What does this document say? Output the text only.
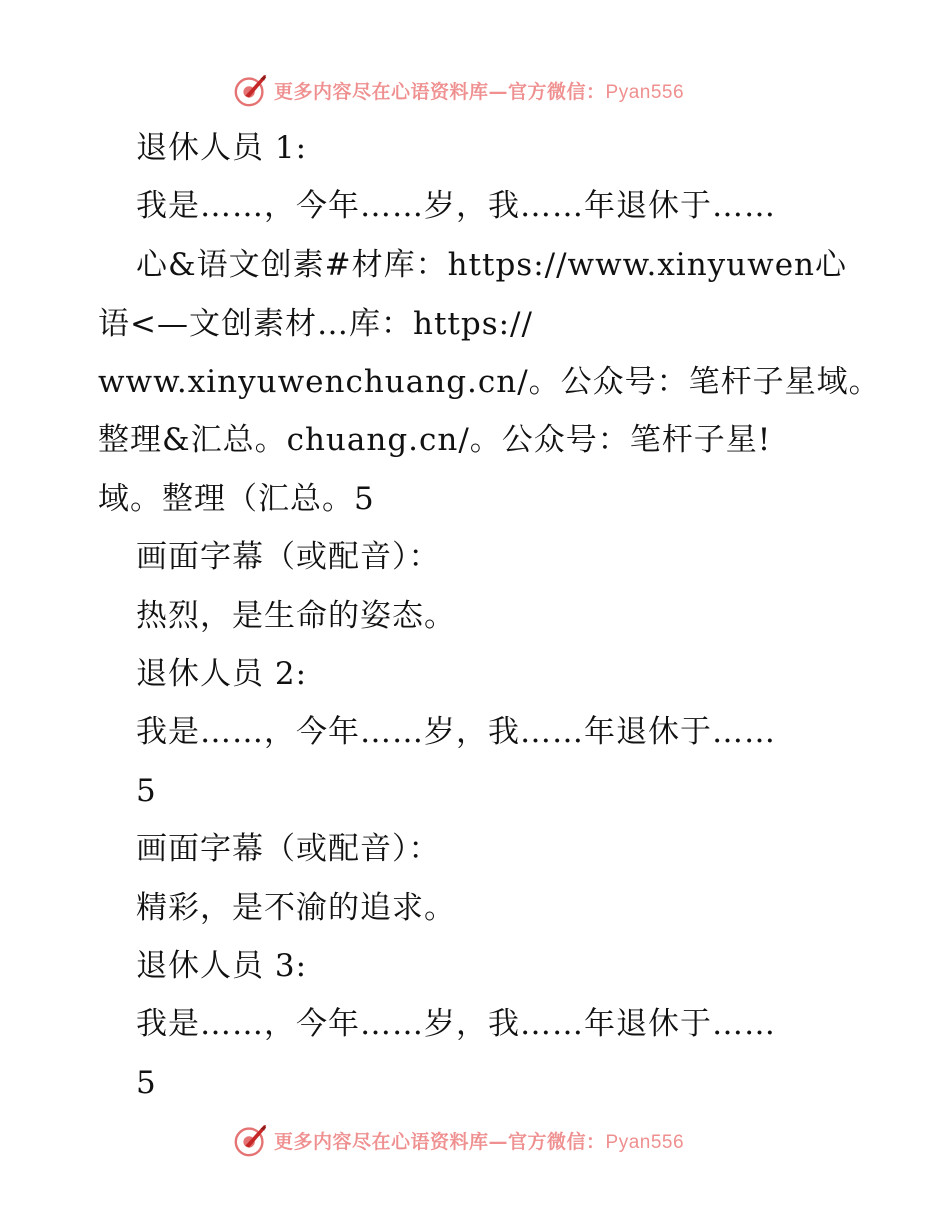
更多内容尽在心语资料库—官方微信：Pyan556
退休人员 1:
我是……，今年……岁，我……年退休于……
心&语文创素#材库：https://www.xinyuwen心
语<—文创素材…库：https://
www.xinyuwenchuang.cn/。公众号：笔杆子星域。
整理&汇总。chuang.cn/。公众号：笔杆子星!
域。整理（汇总。5
画面字幕（或配音）：
热烈，是生命的姿态。
退休人员 2:
我是……，今年……岁，我……年退休于……
5
画面字幕（或配音）：
精彩，是不渝的追求。
退休人员 3:
我是……，今年……岁，我……年退休于……
5
更多内容尽在心语资料库—官方微信：Pyan556
